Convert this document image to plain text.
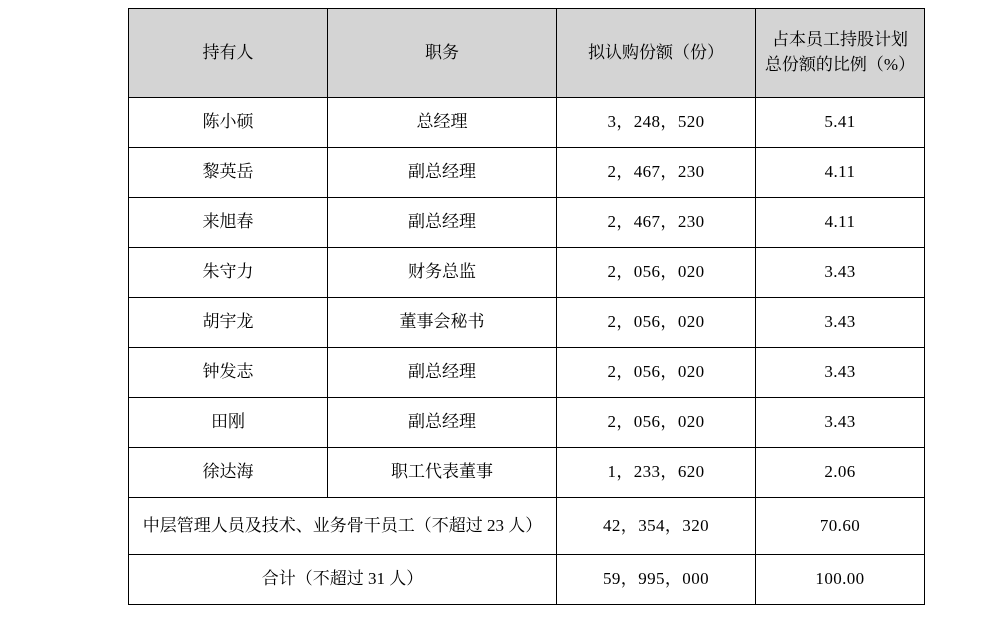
持有人	职务	拟认购份额（份）	占本员工持股计划
总份额的比例（%）

陈小硕	总经理	3，248，520	5.41
黎英岳	副总经理	2，467，230	4.11
来旭春	副总经理	2，467，230	4.11
朱守力	财务总监	2，056，020	3.43
胡宇龙	董事会秘书	2，056，020	3.43
钟发志	副总经理	2，056，020	3.43
田刚	副总经理	2，056，020	3.43
徐达海	职工代表董事	1，233，620	2.06
中层管理人员及技术、业务骨干员工（不超过 23 人）		42，354，320	70.60
合计（不超过 31 人）		59，995，000	100.00
